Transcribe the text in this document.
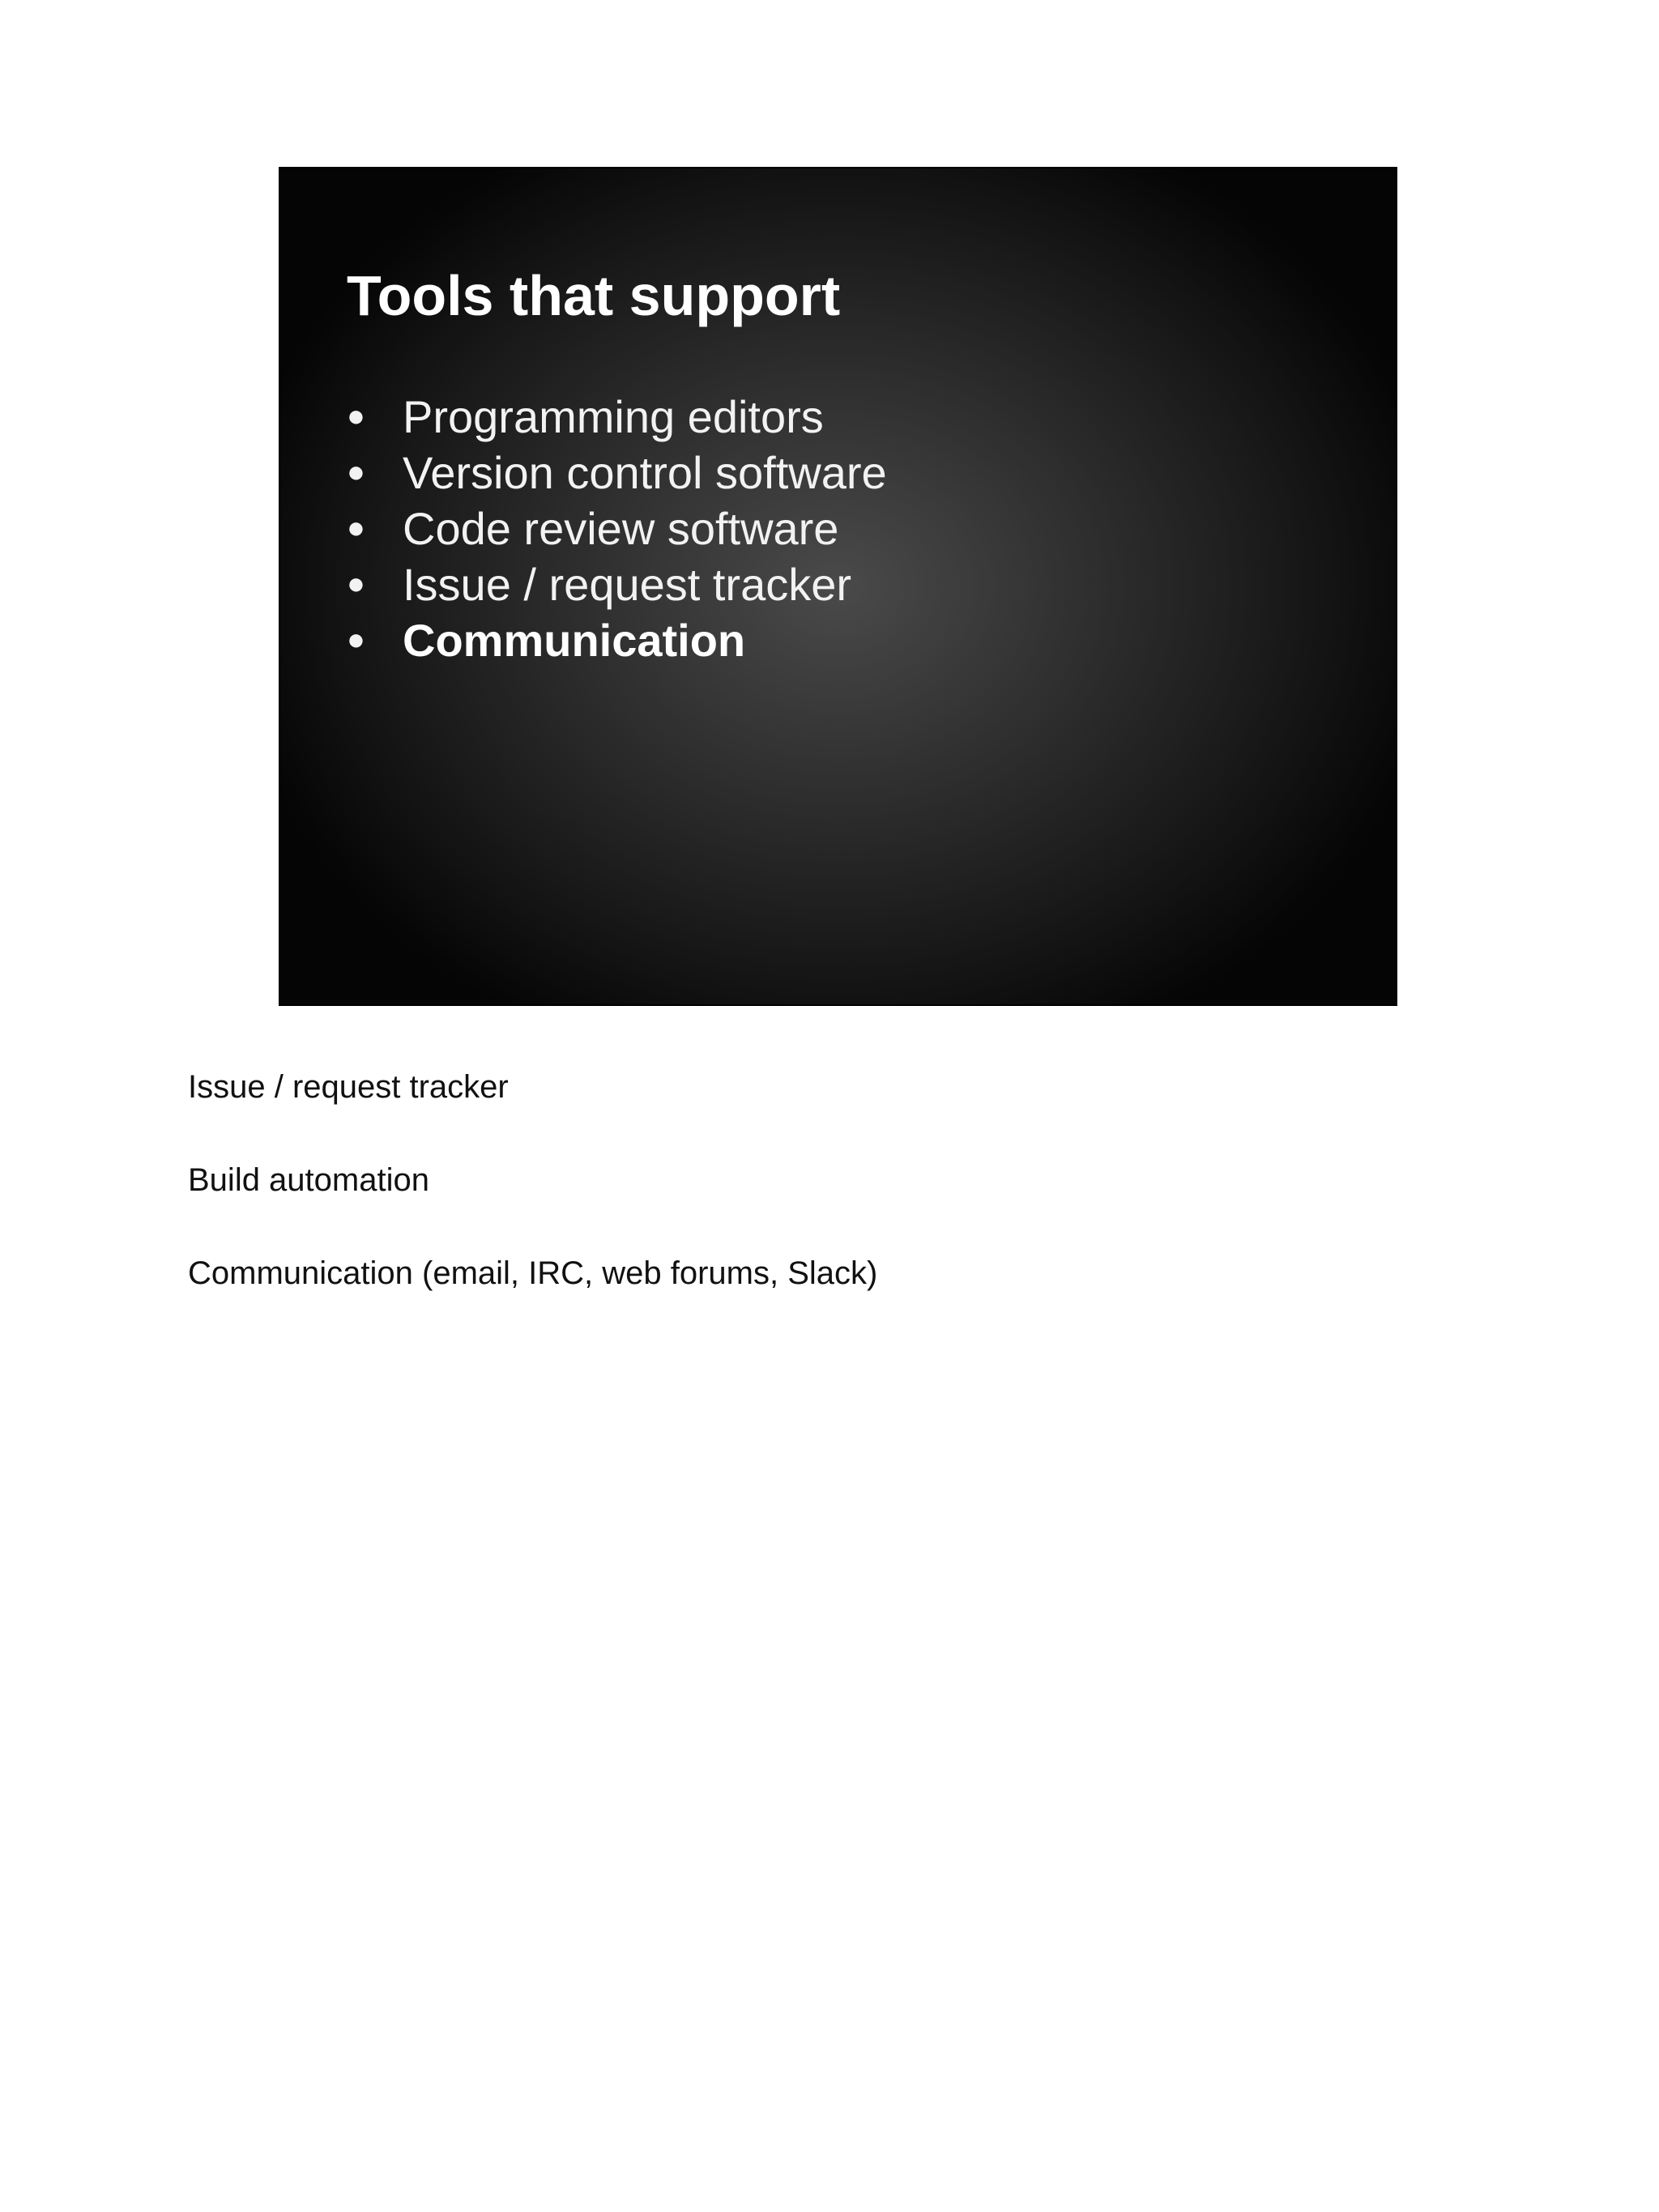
Tools that support
● Programming editors
● Version control software
● Code review software
● Issue / request tracker
● Communication

Issue / request tracker

Build automation

Communication (email, IRC, web forums, Slack)
